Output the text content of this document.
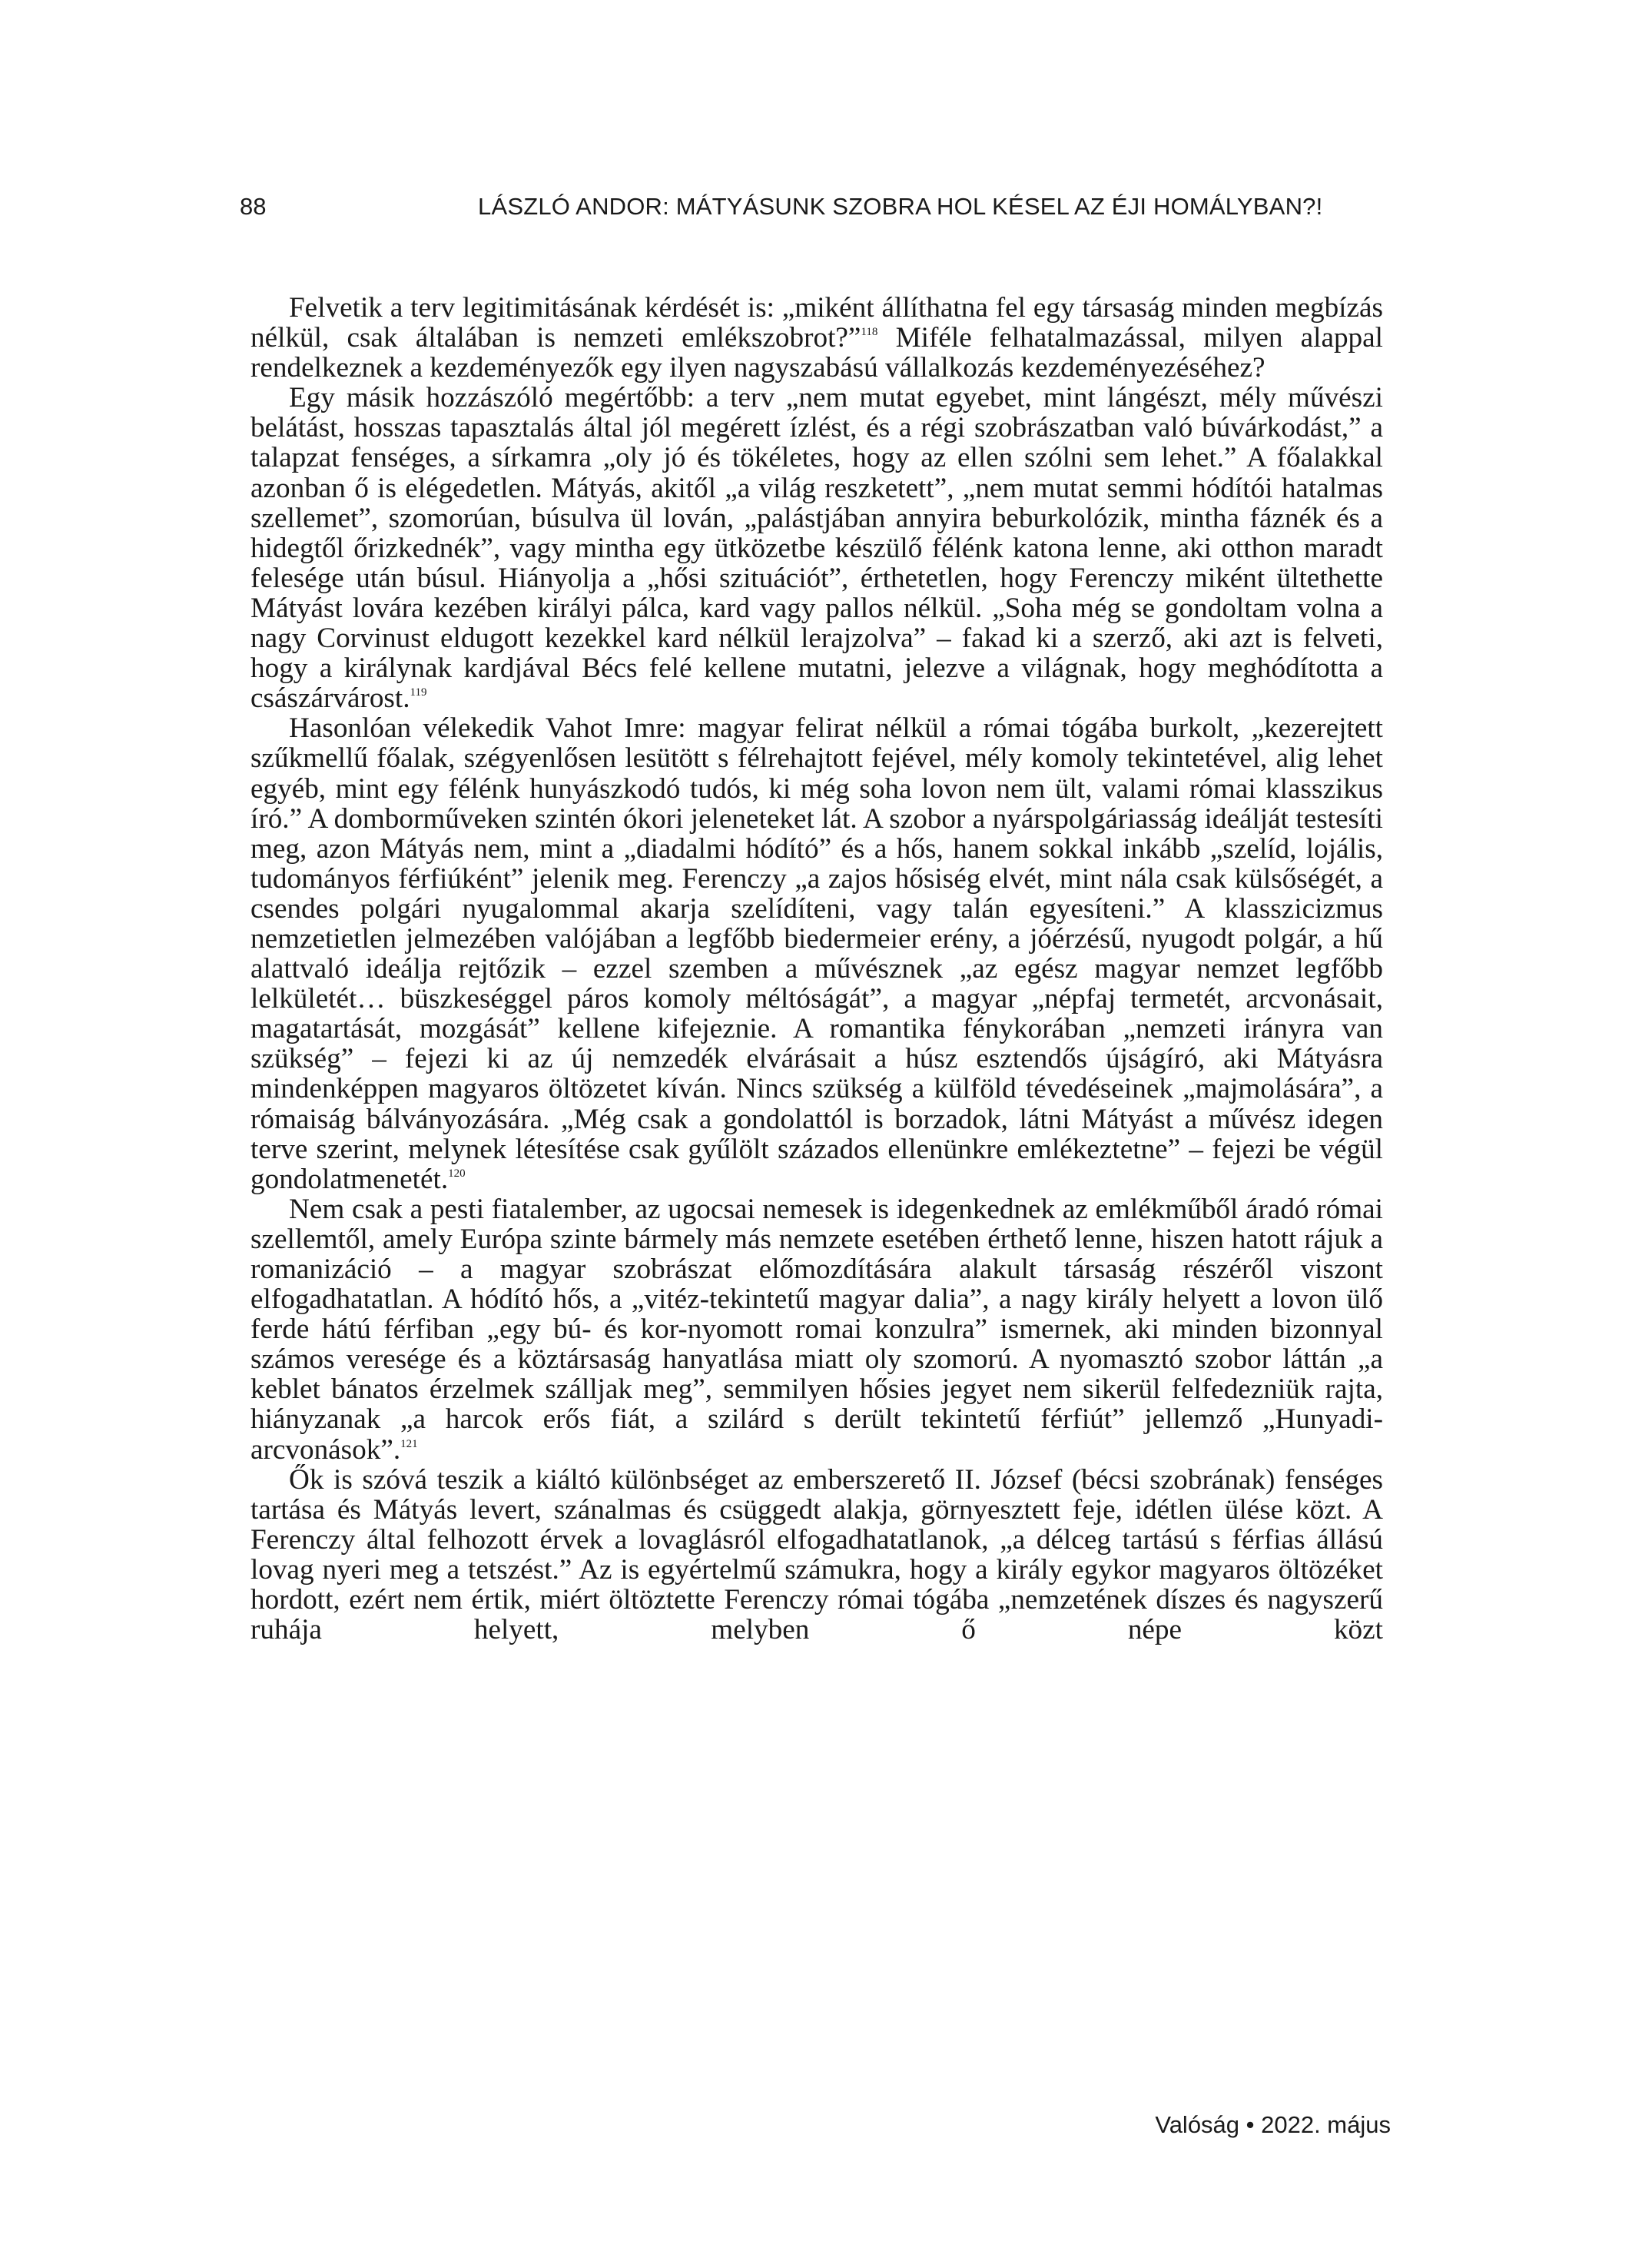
88	LÁSZLÓ ANDOR: MÁTYÁSUNK SZOBRA HOL KÉSEL AZ ÉJI HOMÁLYBAN?!

Felvetik a terv legitimitásának kérdését is: „miként állíthatna fel egy társaság minden megbízás nélkül, csak általában is nemzeti emlékszobrot?”$^{118}$ Miféle felhatalmazással, milyen alappal rendelkeznek a kezdeményezők egy ilyen nagyszabású vállalkozás kezdeményezéséhez?

Egy másik hozzászóló megértőbb: a terv „nem mutat egyebet, mint lángészt, mély művészi belátást, hosszas tapasztalás által jól megérett ízlést, és a régi szobrászatban való búvárkodást,” a talapzat fenséges, a sírkamra „oly jó és tökéletes, hogy az ellen szólni sem lehet.” A főalakkal azonban ő is elégedetlen. Mátyás, akitől „a világ reszketett”, „nem mutat semmi hódítói hatalmas szellemet”, szomorúan, búsulva ül lován, „palástjában annyira beburkolózik, mintha fáznék és a hidegtől őrizkednék”, vagy mintha egy ütközetbe készülő félénk katona lenne, aki otthon maradt felesége után búsul. Hiányolja a „hősi szituációt”, érthetetlen, hogy Ferenczy miként ültethette Mátyást lovára kezében királyi pálca, kard vagy pallos nélkül. „Soha még se gondoltam volna a nagy Corvinust eldugott kezekkel kard nélkül lerajzolva” – fakad ki a szerző, aki azt is felveti, hogy a királynak kardjával Bécs felé kellene mutatni, jelezve a világnak, hogy meghódította a császárvárost.$^{119}$

Hasonlóan vélekedik Vahot Imre: magyar felirat nélkül a római tógába burkolt, „kezerejtett szűkmellű főalak, szégyenlősen lesütött s félrehajtott fejével, mély komoly tekintetével, alig lehet egyéb, mint egy félénk hunyászkodó tudós, ki még soha lovon nem ült, valami római klasszikus író.” A domborműveken szintén ókori jeleneteket lát. A szobor a nyárspolgáriasság ideálját testesíti meg, azon Mátyás nem, mint a „diadalmi hódító” és a hős, hanem sokkal inkább „szelíd, lojális, tudományos férfiúként” jelenik meg. Ferenczy „a zajos hősiség elvét, mint nála csak külsőségét, a csendes polgári nyugalommal akarja szelídíteni, vagy talán egyesíteni.” A klasszicizmus nemzetietlen jelmezében valójában a legfőbb biedermeier erény, a jóérzésű, nyugodt polgár, a hű alattvaló ideálja rejtőzik – ezzel szemben a művésznek „az egész magyar nemzet legfőbb lelkületét… büszkeséggel páros komoly méltóságát”, a magyar „népfaj termetét, arcvonásait, magatartását, mozgását” kellene kifejeznie. A romantika fénykorában „nemzeti irányra van szükség” – fejezi ki az új nemzedék elvárásait a húsz esztendős újságíró, aki Mátyásra mindenképpen magyaros öltözetet kíván. Nincs szükség a külföld tévedéseinek „majmolására”, a rómaiság bálványozására. „Még csak a gondolattól is borzadok, látni Mátyást a művész idegen terve szerint, melynek létesítése csak gyűlölt százados ellenünkre emlékeztetne” – fejezi be végül gondolatmenetét.$^{120}$

Nem csak a pesti fiatalember, az ugocsai nemesek is idegenkednek az emlékműből áradó római szellemtől, amely Európa szinte bármely más nemzete esetében érthető lenne, hiszen hatott rájuk a romanizáció – a magyar szobrászat előmozdítására alakult társaság részéről viszont elfogadhatatlan. A hódító hős, a „vitéz-tekintetű magyar dalia”, a nagy király helyett a lovon ülő ferde hátú férfiban „egy bú- és kor-nyomott romai konzulra” ismernek, aki minden bizonnyal számos veresége és a köztársaság hanyatlása miatt oly szomorú. A nyomasztó szobor láttán „a keblet bánatos érzelmek szálljak meg”, semmilyen hősies jegyet nem sikerül felfedezniük rajta, hiányzanak „a harcok erős fiát, a szilárd s derült tekintetű férfiút” jellemző „Hunyadi-arcvonások”.$^{121}$

Ők is szóvá teszik a kiáltó különbséget az emberszerető II. József (bécsi szobrának) fenséges tartása és Mátyás levert, szánalmas és csüggedt alakja, görnyesztett feje, idétlen ülése közt. A Ferenczy által felhozott érvek a lovaglásról elfogadhatatlanok, „a délceg tartású s férfias állású lovag nyeri meg a tetszést.” Az is egyértelmű számukra, hogy a király egykor magyaros öltözéket hordott, ezért nem értik, miért öltöztette Ferenczy római tógába „nemzetének díszes és nagyszerű ruhája helyett, melyben ő népe közt

Valóság • 2022. május
